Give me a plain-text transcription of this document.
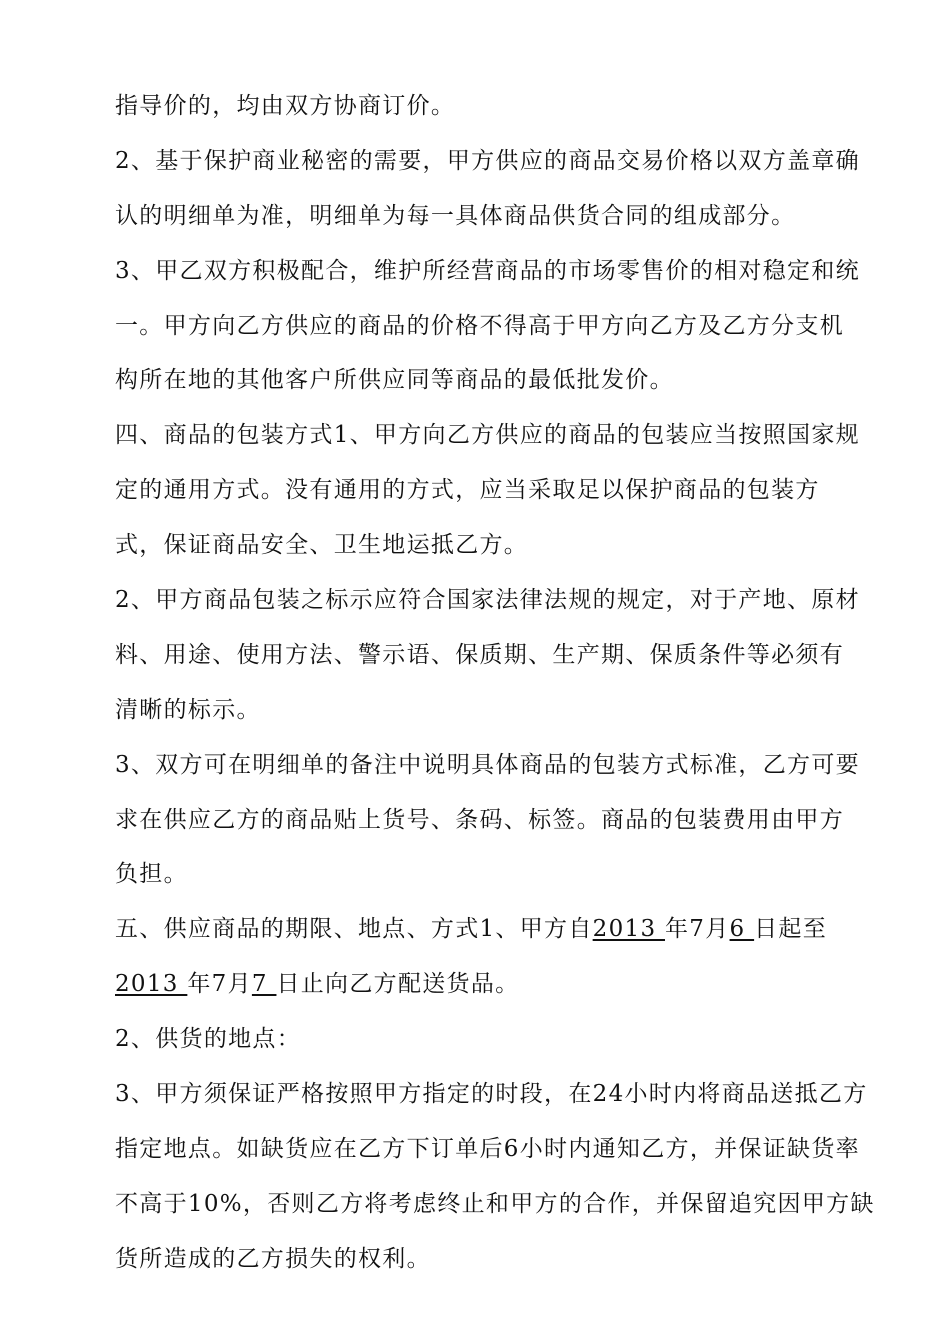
指导价的，均由双方协商订价。
2、基于保护商业秘密的需要，甲方供应的商品交易价格以双方盖章确
认的明细单为准，明细单为每一具体商品供货合同的组成部分。
3、甲乙双方积极配合，维护所经营商品的市场零售价的相对稳定和统
一。甲方向乙方供应的商品的价格不得高于甲方向乙方及乙方分支机
构所在地的其他客户所供应同等商品的最低批发价。
四、商品的包装方式1、甲方向乙方供应的商品的包装应当按照国家规
定的通用方式。没有通用的方式，应当采取足以保护商品的包装方
式，保证商品安全、卫生地运抵乙方。
2、甲方商品包装之标示应符合国家法律法规的规定，对于产地、原材
料、用途、使用方法、警示语、保质期、生产期、保质条件等必须有
清晰的标示。
3、双方可在明细单的备注中说明具体商品的包装方式标准，乙方可要
求在供应乙方的商品贴上货号、条码、标签。商品的包装费用由甲方
负担。
五、供应商品的期限、地点、方式1、甲方自2013 年7月6 日起至
2013 年7月7 日止向乙方配送货品。
2、供货的地点：
3、甲方须保证严格按照甲方指定的时段，在24小时内将商品送抵乙方
指定地点。如缺货应在乙方下订单后6小时内通知乙方，并保证缺货率
不高于10%，否则乙方将考虑终止和甲方的合作，并保留追究因甲方缺
货所造成的乙方损失的权利。
